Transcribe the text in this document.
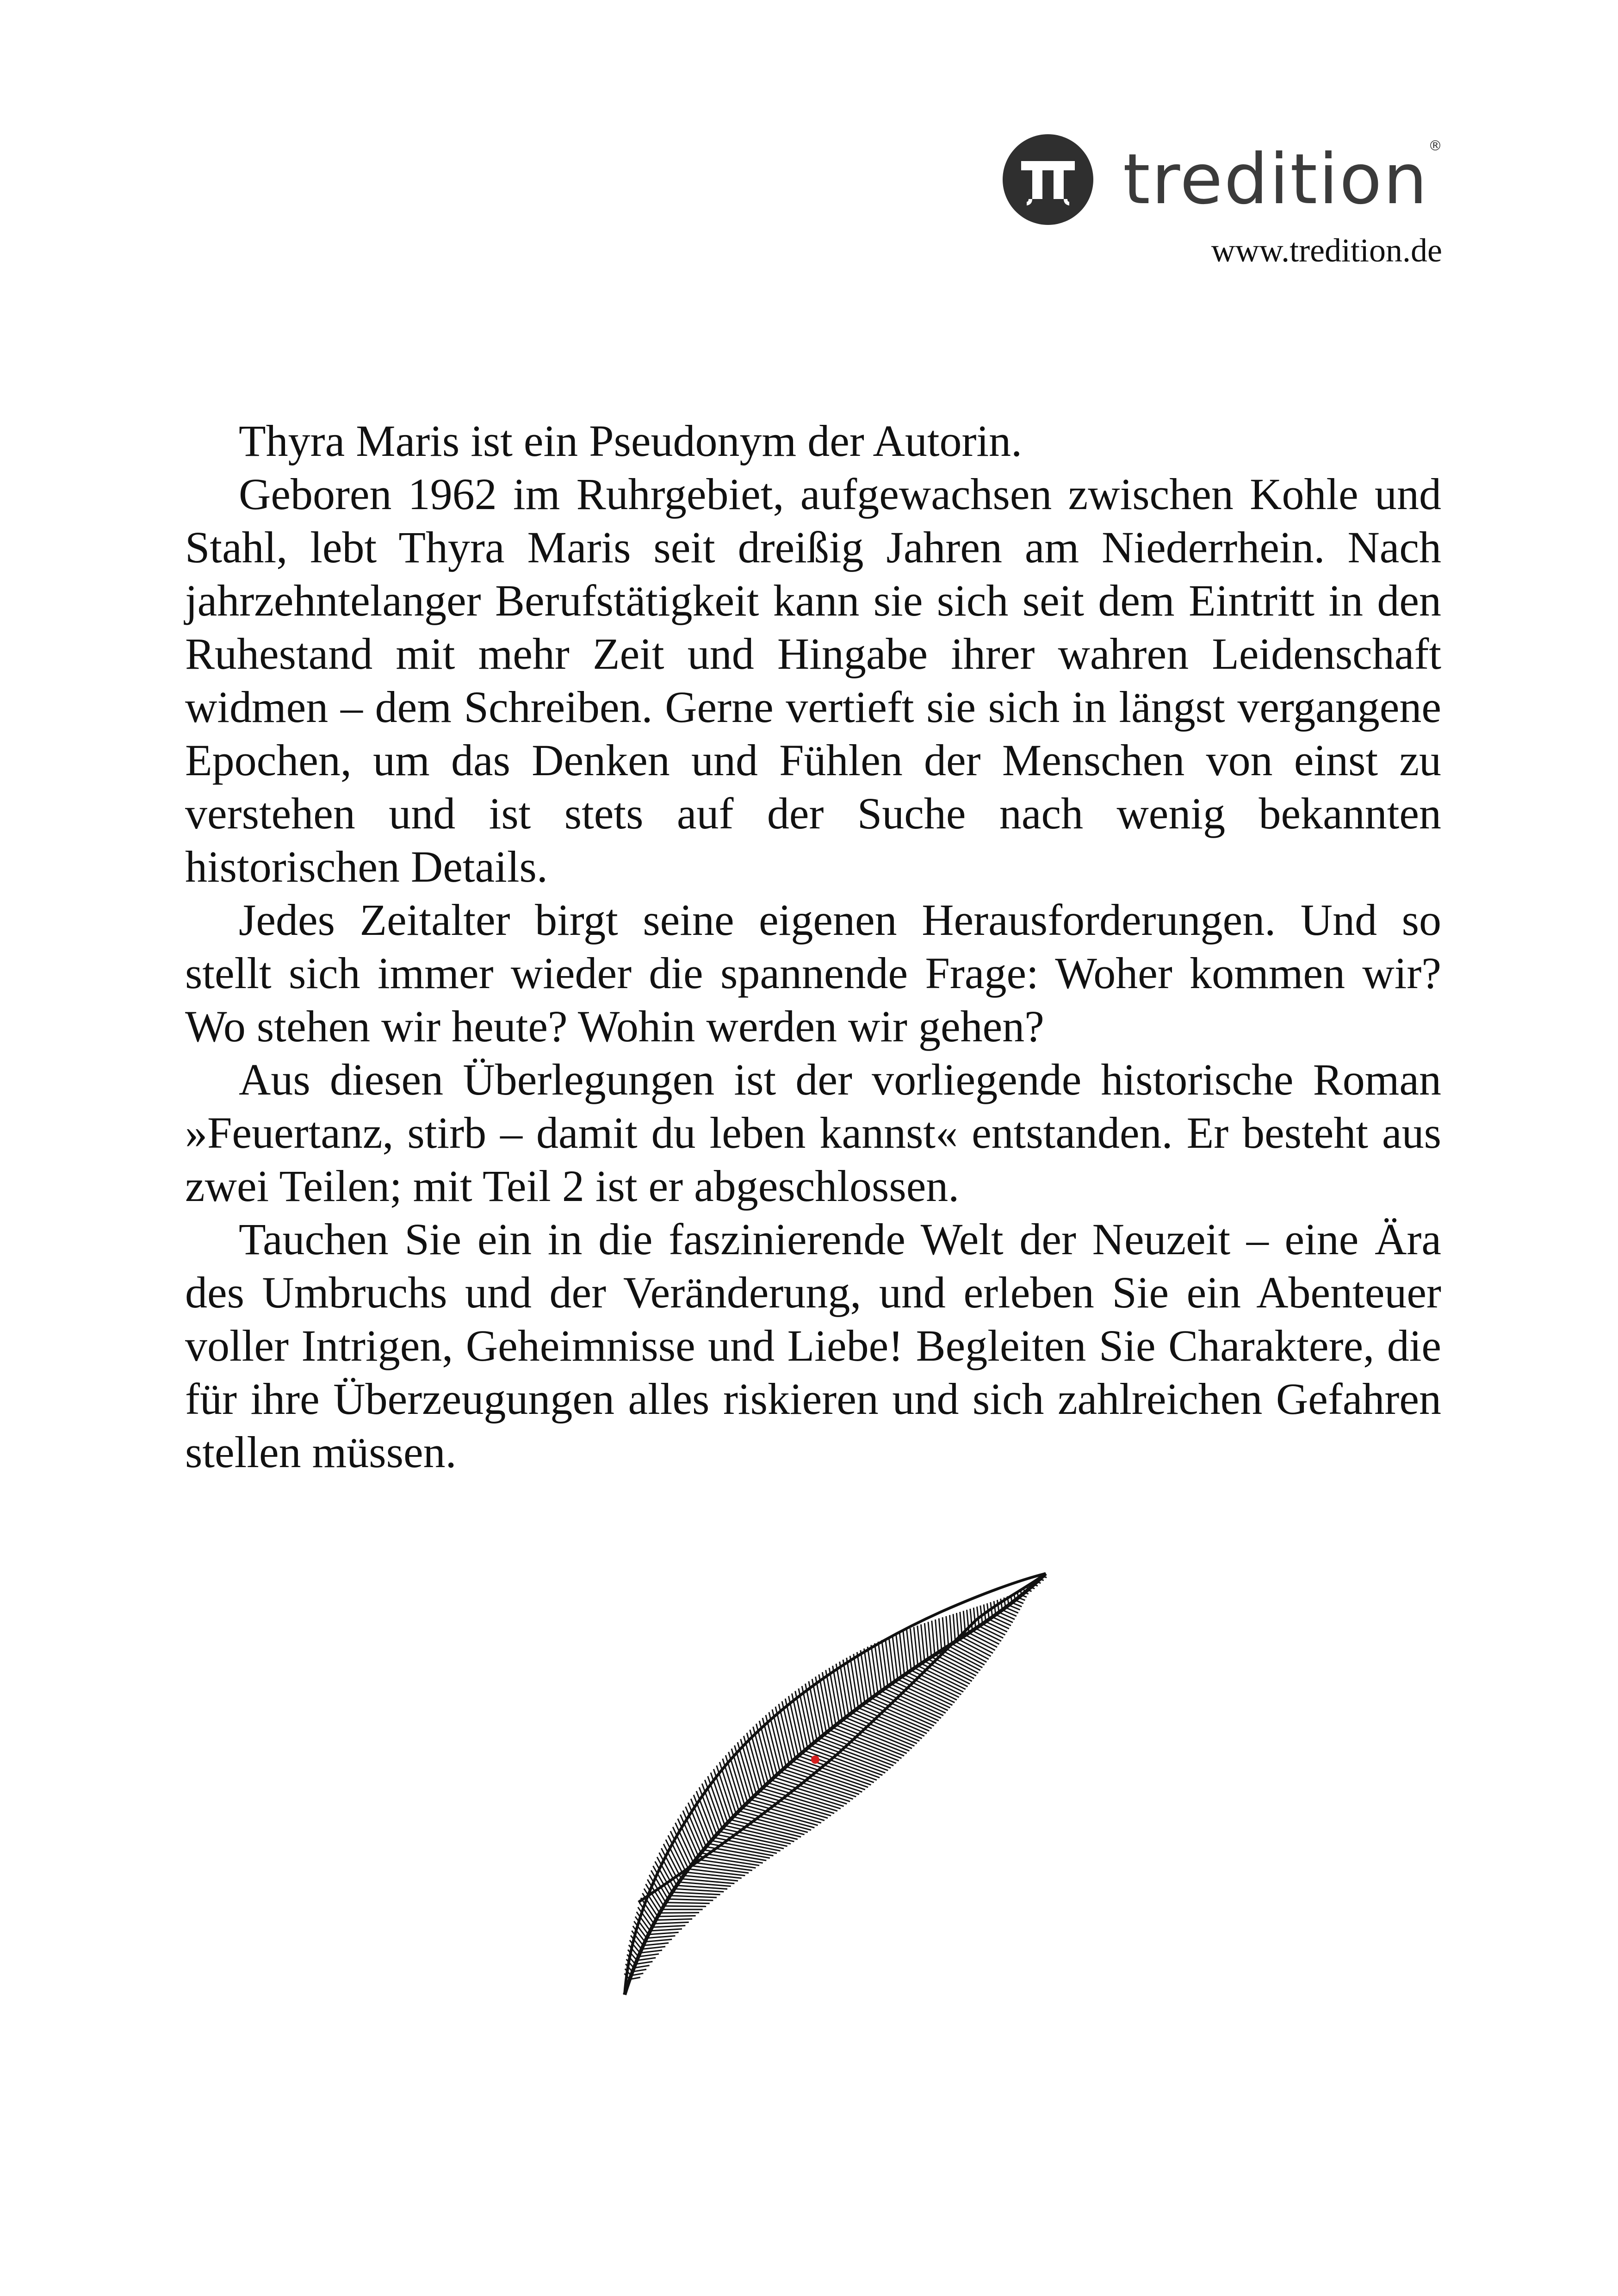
tredition ®
www.tredition.de

Thyra Maris ist ein Pseudonym der Autorin.

Geboren 1962 im Ruhrgebiet, aufgewachsen zwischen Kohle und Stahl, lebt Thyra Maris seit dreißig Jahren am Niederrhein. Nach jahrzehntelanger Berufstätigkeit kann sie sich seit dem Eintritt in den Ruhestand mit mehr Zeit und Hingabe ihrer wahren Leidenschaft widmen – dem Schreiben. Gerne vertieft sie sich in längst vergangene Epochen, um das Denken und Fühlen der Menschen von einst zu verstehen und ist stets auf der Suche nach wenig bekannten historischen Details.

Jedes Zeitalter birgt seine eigenen Herausforderungen. Und so stellt sich immer wieder die spannende Frage: Woher kommen wir? Wo stehen wir heute? Wohin werden wir gehen?

Aus diesen Überlegungen ist der vorliegende historische Roman »Feuertanz, stirb – damit du leben kannst« entstanden. Er besteht aus zwei Teilen; mit Teil 2 ist er abgeschlossen.

Tauchen Sie ein in die faszinierende Welt der Neuzeit – eine Ära des Umbruchs und der Veränderung, und erleben Sie ein Abenteuer voller Intrigen, Geheimnisse und Liebe! Begleiten Sie Charaktere, die für ihre Überzeugungen alles riskieren und sich zahlreichen Gefahren stellen müssen.
